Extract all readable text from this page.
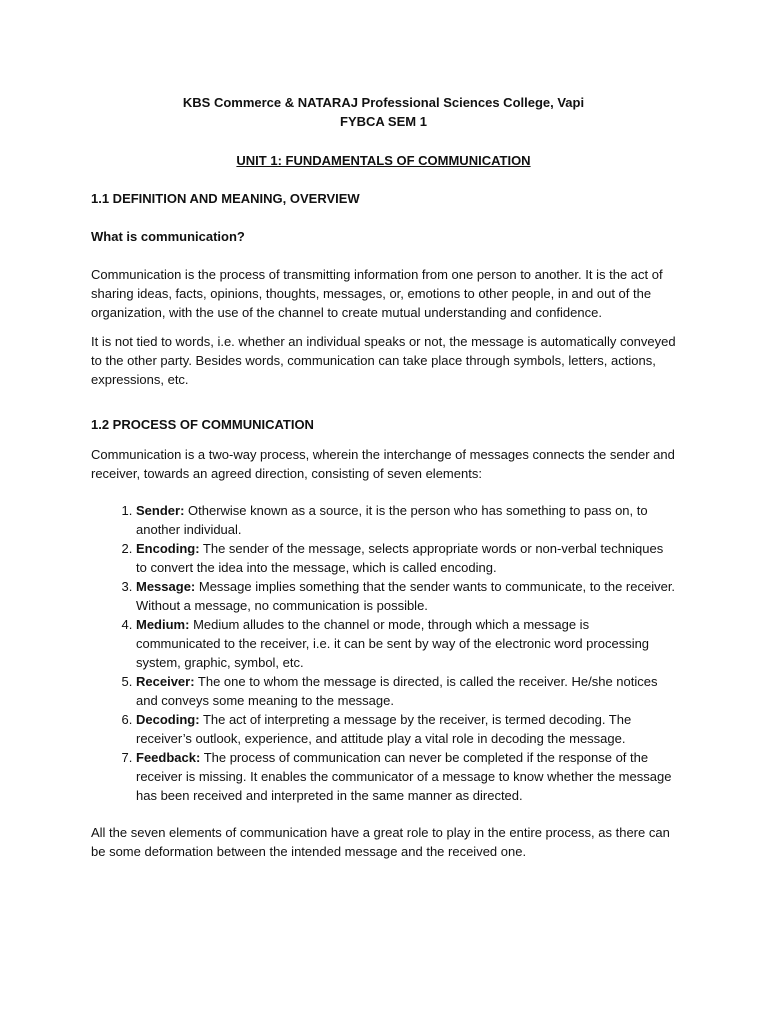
KBS Commerce & NATARAJ Professional Sciences College, Vapi
FYBCA SEM 1
UNIT 1: FUNDAMENTALS OF COMMUNICATION
1.1 DEFINITION AND MEANING, OVERVIEW
What is communication?

Communication is the process of transmitting information from one person to another. It is the act of sharing ideas, facts, opinions, thoughts, messages, or, emotions to other people, in and out of the organization, with the use of the channel to create mutual understanding and confidence.

It is not tied to words, i.e. whether an individual speaks or not, the message is automatically conveyed to the other party. Besides words, communication can take place through symbols, letters, actions, expressions, etc.

1.2 PROCESS OF COMMUNICATION

Communication is a two-way process, wherein the interchange of messages connects the sender and receiver, towards an agreed direction, consisting of seven elements:

1. Sender: Otherwise known as a source, it is the person who has something to pass on, to another individual.
2. Encoding: The sender of the message, selects appropriate words or non-verbal techniques to convert the idea into the message, which is called encoding.
3. Message: Message implies something that the sender wants to communicate, to the receiver. Without a message, no communication is possible.
4. Medium: Medium alludes to the channel or mode, through which a message is communicated to the receiver, i.e. it can be sent by way of the electronic word processing system, graphic, symbol, etc.
5. Receiver: The one to whom the message is directed, is called the receiver. He/she notices and conveys some meaning to the message.
6. Decoding: The act of interpreting a message by the receiver, is termed decoding. The receiver’s outlook, experience, and attitude play a vital role in decoding the message.
7. Feedback: The process of communication can never be completed if the response of the receiver is missing. It enables the communicator of a message to know whether the message has been received and interpreted in the same manner as directed.

All the seven elements of communication have a great role to play in the entire process, as there can be some deformation between the intended message and the received one.
